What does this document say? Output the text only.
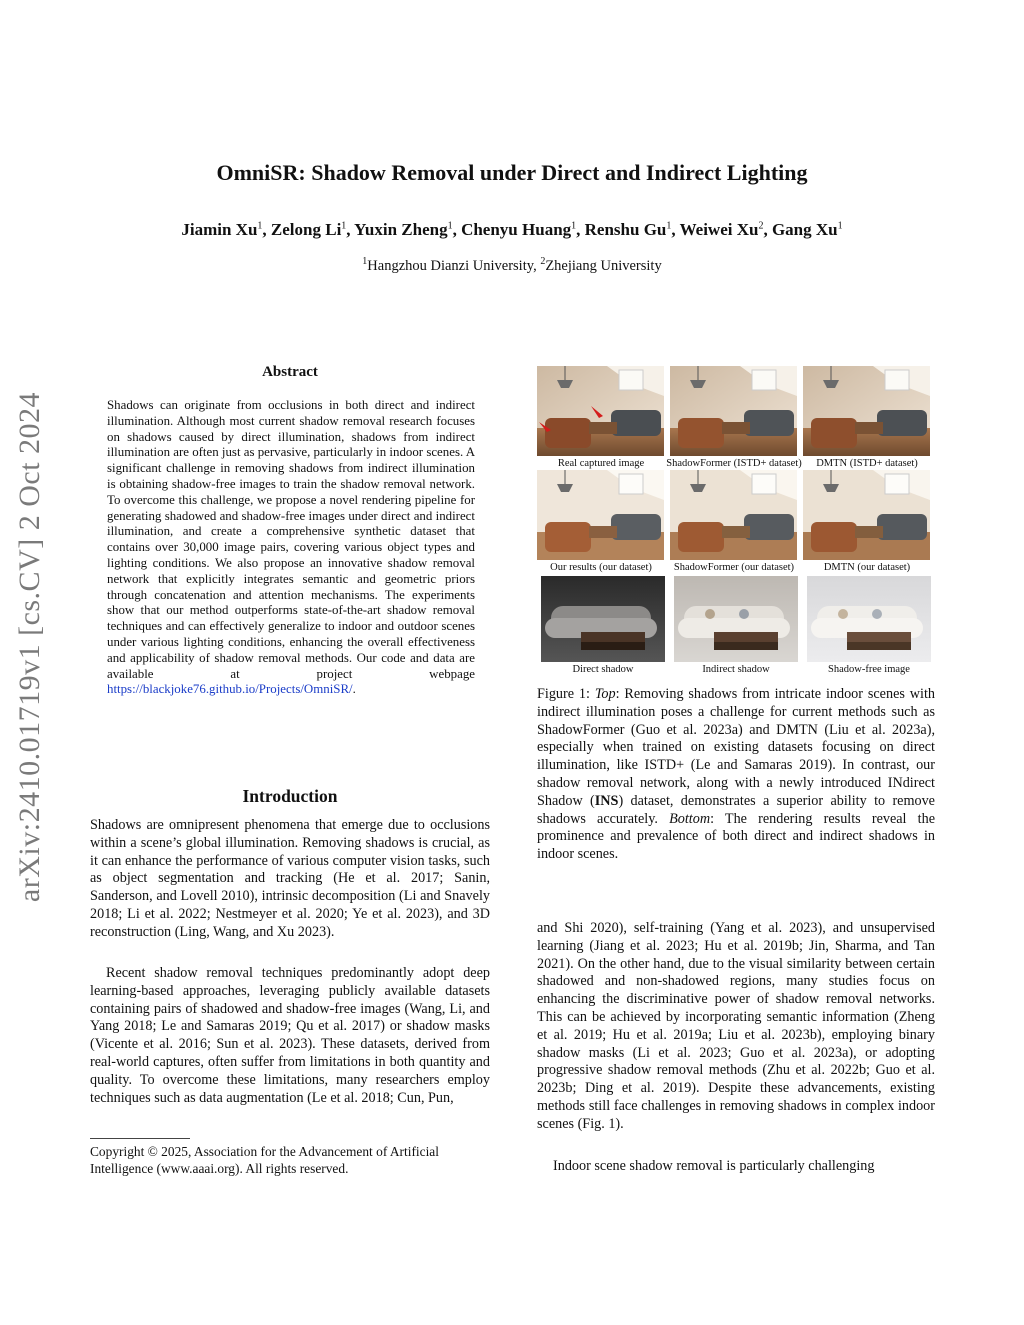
OmniSR: Shadow Removal under Direct and Indirect Lighting
Jiamin Xu$^1$, Zelong Li$^1$, Yuxin Zheng$^1$, Chenyu Huang$^1$, Renshu Gu$^1$, Weiwei Xu$^2$, Gang Xu$^1$
$^1$Hangzhou Dianzi University, $^2$Zhejiang University
arXiv:2410.01719v1 [cs.CV] 2 Oct 2024
Abstract
Shadows can originate from occlusions in both direct and indirect illumination. Although most current shadow removal research focuses on shadows caused by direct illumination, shadows from indirect illumination are often just as pervasive, particularly in indoor scenes. A significant challenge in removing shadows from indirect illumination is obtaining shadow-free images to train the shadow removal network. To overcome this challenge, we propose a novel rendering pipeline for generating shadowed and shadow-free images under direct and indirect illumination, and create a comprehensive synthetic dataset that contains over 30,000 image pairs, covering various object types and lighting conditions. We also propose an innovative shadow removal network that explicitly integrates semantic and geometric priors through concatenation and attention mechanisms. The experiments show that our method outperforms state-of-the-art shadow removal techniques and can effectively generalize to indoor and outdoor scenes under various lighting conditions, enhancing the overall effectiveness and applicability of shadow removal methods. Our code and data are available at project webpage https://blackjoke76.github.io/Projects/OmniSR/.
Introduction
Shadows are omnipresent phenomena that emerge due to occlusions within a scene’s global illumination. Removing shadows is crucial, as it can enhance the performance of various computer vision tasks, such as object segmentation and tracking (He et al. 2017; Sanin, Sanderson, and Lovell 2010), intrinsic decomposition (Li and Snavely 2018; Li et al. 2022; Nestmeyer et al. 2020; Ye et al. 2023), and 3D reconstruction (Ling, Wang, and Xu 2023).
Recent shadow removal techniques predominantly adopt deep learning-based approaches, leveraging publicly available datasets containing pairs of shadowed and shadow-free images (Wang, Li, and Yang 2018; Le and Samaras 2019; Qu et al. 2017) or shadow masks (Vicente et al. 2016; Sun et al. 2023). These datasets, derived from real-world captures, often suffer from limitations in both quantity and quality. To overcome these limitations, many researchers employ techniques such as data augmentation (Le et al. 2018; Cun, Pun,
Copyright © 2025, Association for the Advancement of Artificial Intelligence (www.aaai.org). All rights reserved.
Real captured image	ShadowFormer (ISTD+ dataset)	DMTN (ISTD+ dataset)
Our results (our dataset)	ShadowFormer (our dataset)	DMTN (our dataset)
Direct shadow	Indirect shadow	Shadow-free image
Figure 1: Top: Removing shadows from intricate indoor scenes with indirect illumination poses a challenge for current methods such as ShadowFormer (Guo et al. 2023a) and DMTN (Liu et al. 2023a), especially when trained on existing datasets focusing on direct illumination, like ISTD+ (Le and Samaras 2019). In contrast, our shadow removal network, along with a newly introduced INdirect Shadow (INS) dataset, demonstrates a superior ability to remove shadows accurately. Bottom: The rendering results reveal the prominence and prevalence of both direct and indirect shadows in indoor scenes.
and Shi 2020), self-training (Yang et al. 2023), and unsupervised learning (Jiang et al. 2023; Hu et al. 2019b; Jin, Sharma, and Tan 2021). On the other hand, due to the visual similarity between certain shadowed and non-shadowed regions, many studies focus on enhancing the discriminative power of shadow removal networks. This can be achieved by incorporating semantic information (Zheng et al. 2019; Hu et al. 2019a; Liu et al. 2023b), employing binary shadow masks (Li et al. 2023; Guo et al. 2023a), or adopting progressive shadow removal methods (Zhu et al. 2022b; Guo et al. 2023b; Ding et al. 2019). Despite these advancements, existing methods still face challenges in removing shadows in complex indoor scenes (Fig. 1).
Indoor scene shadow removal is particularly challenging
